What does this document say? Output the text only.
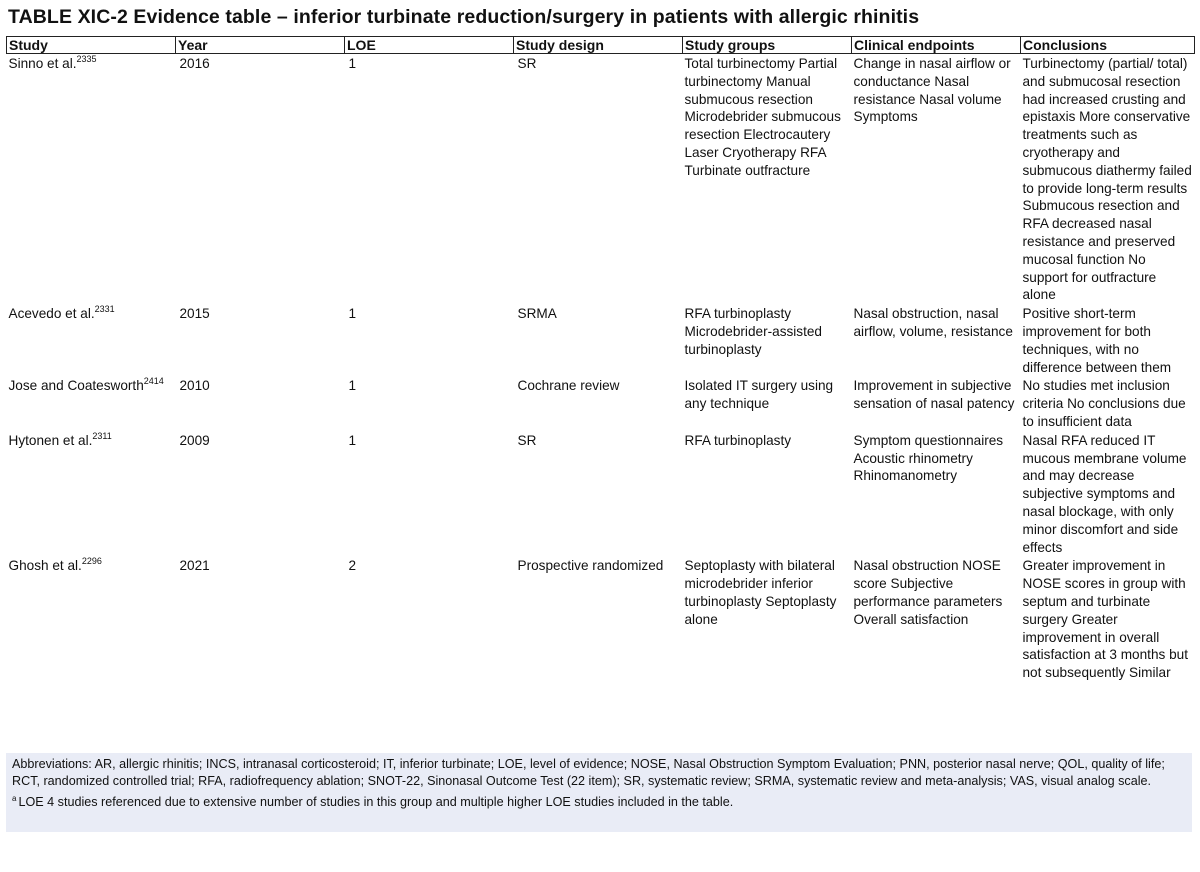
TABLE XIC-2 Evidence table – inferior turbinate reduction/surgery in patients with allergic rhinitis
Study	Year	LOE	Study design	Study groups	Clinical endpoints	Conclusions
Sinno et al.$^{2335}$	2016	1	SR	Total turbinectomy Partial turbinectomy Manual submucous resection Microdebrider submucous resection Electrocautery Laser Cryotherapy RFA Turbinate outfracture	Change in nasal airflow or conductance Nasal resistance Nasal volume Symptoms	Turbinectomy (partial/ total) and submucosal resection had increased crusting and epistaxis More conservative treatments such as cryotherapy and submucous diathermy failed to provide long-term results Submucous resection and RFA decreased nasal resistance and preserved mucosal function No support for outfracture alone
Acevedo et al.$^{2331}$	2015	1	SRMA	RFA turbinoplasty Microdebrider-assisted turbinoplasty	Nasal obstruction, nasal airflow, volume, resistance	Positive short-term improvement for both techniques, with no difference between them
Jose and Coatesworth$^{2414}$	2010	1	Cochrane review	Isolated IT surgery using any technique	Improvement in subjective sensation of nasal patency	No studies met inclusion criteria No conclusions due to insufficient data
Hytonen et al.$^{2311}$	2009	1	SR	RFA turbinoplasty	Symptom questionnaires Acoustic rhinometry Rhinomanometry	Nasal RFA reduced IT mucous membrane volume and may decrease subjective symptoms and nasal blockage, with only minor discomfort and side effects
Ghosh et al.$^{2296}$	2021	2	Prospective randomized	Septoplasty with bilateral microdebrider inferior turbinoplasty Septoplasty alone	Nasal obstruction NOSE score Subjective performance parameters Overall satisfaction	Greater improvement in NOSE scores in group with septum and turbinate surgery Greater improvement in overall satisfaction at 3 months but not subsequently Similar

Abbreviations: AR, allergic rhinitis; INCS, intranasal corticosteroid; IT, inferior turbinate; LOE, level of evidence; NOSE, Nasal Obstruction Symptom Evaluation; PNN, posterior nasal nerve; QOL, quality of life; RCT, randomized controlled trial; RFA, radiofrequency ablation; SNOT-22, Sinonasal Outcome Test (22 item); SR, systematic review; SRMA, systematic review and meta-analysis; VAS, visual analog scale.

$^a$ LOE 4 studies referenced due to extensive number of studies in this group and multiple higher LOE studies included in the table.
